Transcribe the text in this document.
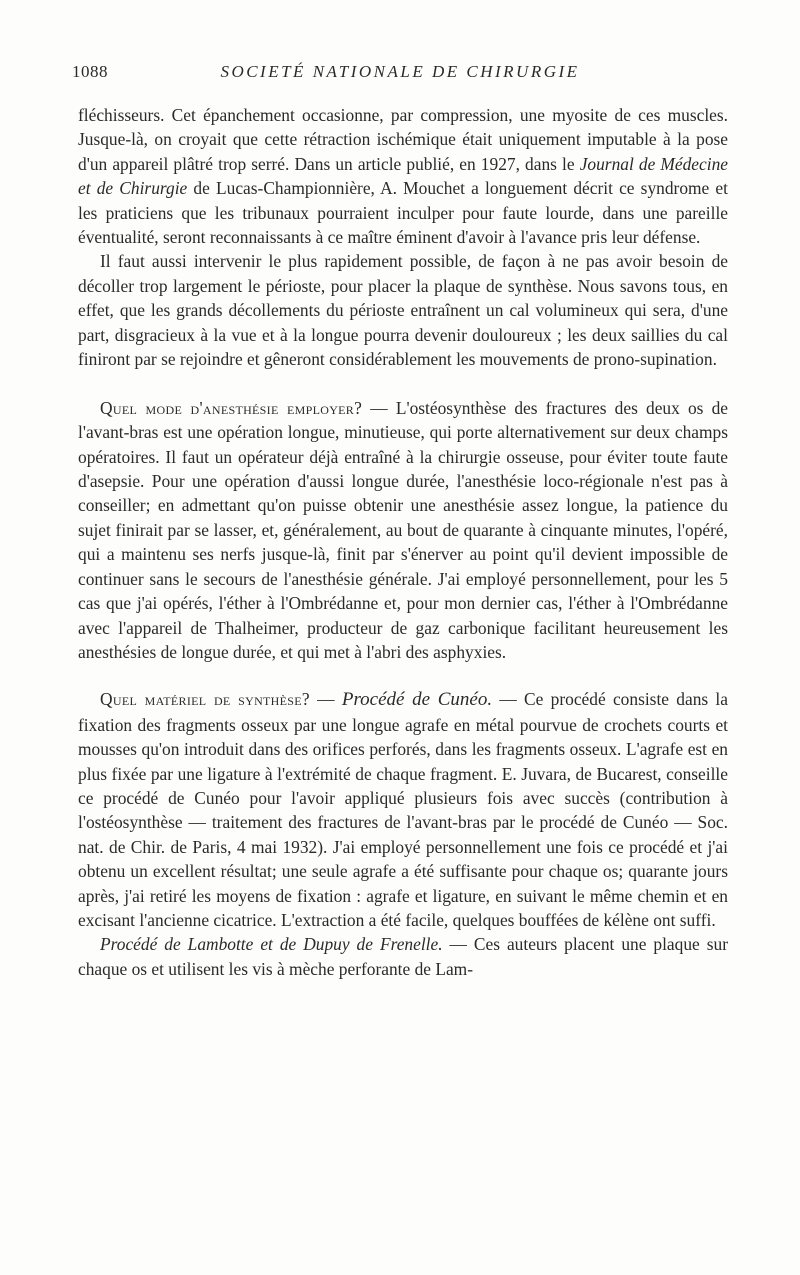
1088	SOCIETÉ NATIONALE DE CHIRURGIE

fléchisseurs. Cet épanchement occasionne, par compression, une myosite de ces muscles. Jusque-là, on croyait que cette rétraction ischémique était uniquement imputable à la pose d'un appareil plâtré trop serré. Dans un article publié, en 1927, dans le Journal de Médecine et de Chirurgie de Lucas-Championnière, A. Mouchet a longuement décrit ce syndrome et les praticiens que les tribunaux pourraient inculper pour faute lourde, dans une pareille éventualité, seront reconnaissants à ce maître éminent d'avoir à l'avance pris leur défense.

Il faut aussi intervenir le plus rapidement possible, de façon à ne pas avoir besoin de décoller trop largement le périoste, pour placer la plaque de synthèse. Nous savons tous, en effet, que les grands décollements du périoste entraînent un cal volumineux qui sera, d'une part, disgracieux à la vue et à la longue pourra devenir douloureux ; les deux saillies du cal finiront par se rejoindre et gêneront considérablement les mouvements de prono-supination.

Quel mode d'anesthésie employer? — L'ostéosynthèse des fractures des deux os de l'avant-bras est une opération longue, minutieuse, qui porte alternativement sur deux champs opératoires. Il faut un opérateur déjà entraîné à la chirurgie osseuse, pour éviter toute faute d'asepsie. Pour une opération d'aussi longue durée, l'anesthésie loco-régionale n'est pas à conseiller; en admettant qu'on puisse obtenir une anesthésie assez longue, la patience du sujet finirait par se lasser, et, généralement, au bout de quarante à cinquante minutes, l'opéré, qui a maintenu ses nerfs jusque-là, finit par s'énerver au point qu'il devient impossible de continuer sans le secours de l'anesthésie générale. J'ai employé personnellement, pour les 5 cas que j'ai opérés, l'éther à l'Ombrédanne et, pour mon dernier cas, l'éther à l'Ombrédanne avec l'appareil de Thalheimer, producteur de gaz carbonique facilitant heureusement les anesthésies de longue durée, et qui met à l'abri des asphyxies.

Quel matériel de synthèse? — Procédé de Cunéo. — Ce procédé consiste dans la fixation des fragments osseux par une longue agrafe en métal pourvue de crochets courts et mousses qu'on introduit dans des orifices perforés, dans les fragments osseux. L'agrafe est en plus fixée par une ligature à l'extrémité de chaque fragment. E. Juvara, de Bucarest, conseille ce procédé de Cunéo pour l'avoir appliqué plusieurs fois avec succès (contribution à l'ostéosynthèse — traitement des fractures de l'avant-bras par le procédé de Cunéo — Soc. nat. de Chir. de Paris, 4 mai 1932). J'ai employé personnellement une fois ce procédé et j'ai obtenu un excellent résultat; une seule agrafe a été suffisante pour chaque os; quarante jours après, j'ai retiré les moyens de fixation : agrafe et ligature, en suivant le même chemin et en excisant l'ancienne cicatrice. L'extraction a été facile, quelques bouffées de kélène ont suffi.

Procédé de Lambotte et de Dupuy de Frenelle. — Ces auteurs placent une plaque sur chaque os et utilisent les vis à mèche perforante de Lam-
